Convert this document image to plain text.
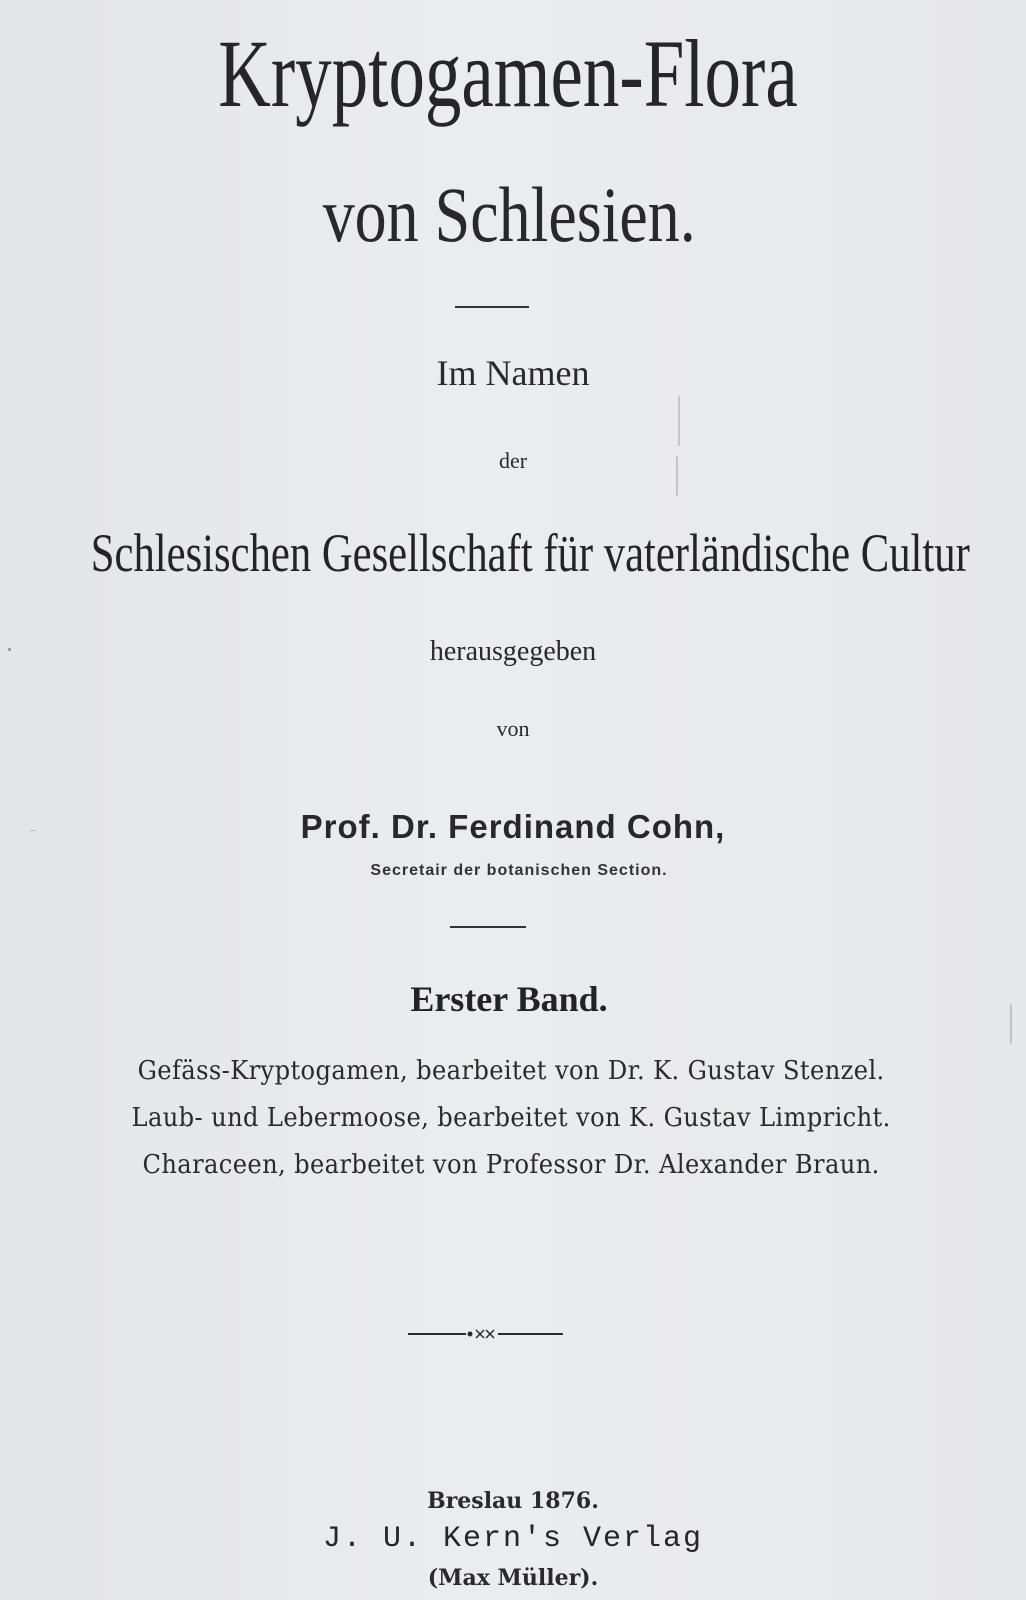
Kryptogamen-Flora
von Schlesien.
Im Namen
der
Schlesischen Gesellschaft für vaterländische Cultur
herausgegeben
von
Prof. Dr. Ferdinand Cohn,
Secretair der botanischen Section.
Erster Band.
Gefäss-Kryptogamen, bearbeitet von Dr. K. Gustav Stenzel.
Laub- und Lebermoose, bearbeitet von K. Gustav Limpricht.
Characeen, bearbeitet von Professor Dr. Alexander Braun.
Breslau 1876.
J. U. Kern's Verlag
(Max Müller).
